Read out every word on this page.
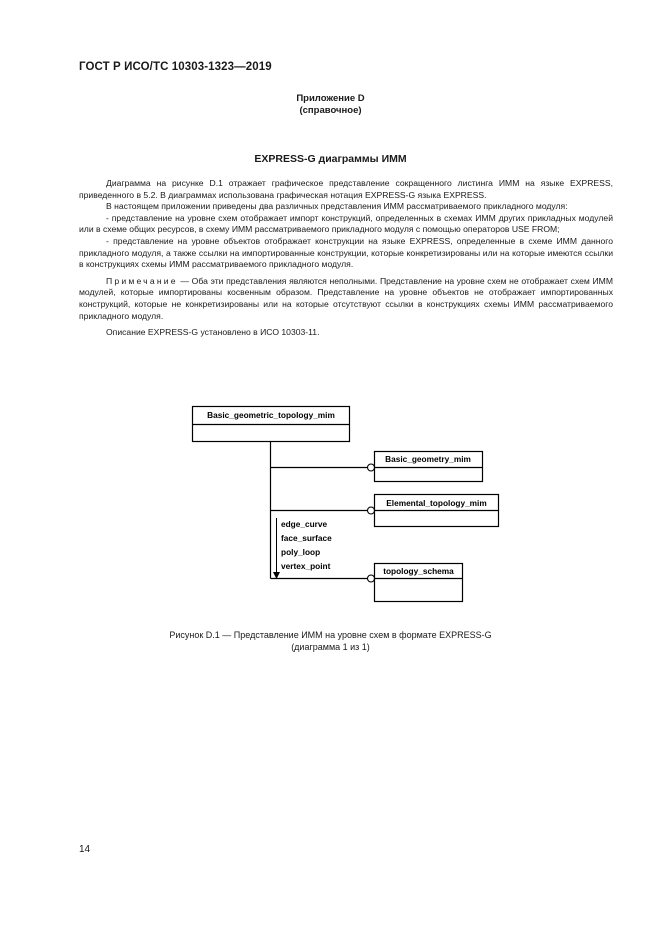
ГОСТ Р ИСО/ТС 10303-1323—2019
Приложение D
(справочное)
EXPRESS-G диаграммы ИММ

Диаграмма на рисунке D.1 отражает графическое представление сокращенного листинга ИММ на языке EXPRESS, приведенного в 5.2. В диаграммах использована графическая нотация EXPRESS-G языка EXPRESS.

В настоящем приложении приведены два различных представления ИММ рассматриваемого прикладного модуля:

- представление на уровне схем отображает импорт конструкций, определенных в схемах ИММ других прикладных модулей или в схеме общих ресурсов, в схему ИММ рассматриваемого прикладного модуля с помощью операторов USE FROM;

- представление на уровне объектов отображает конструкции на языке EXPRESS, определенные в схеме ИММ данного прикладного модуля, а также ссылки на импортированные конструкции, которые конкретизированы или на которые имеются ссылки в конструкциях схемы ИММ рассматриваемого прикладного модуля.

Примечание — Оба эти представления являются неполными. Представление на уровне схем не отображает схем ИММ модулей, которые импортированы косвенным образом. Представление на уровне объектов не отображает импортированных конструкций, которые не конкретизированы или на которые отсутствуют ссылки в конструкциях схемы ИММ рассматриваемого прикладного модуля.

Описание EXPRESS-G установлено в ИСО 10303-11.

Basic_geometric_topology_mim
Basic_geometry_mim
Elemental_topology_mim
topology_schema
edge_curve
face_surface
poly_loop
vertex_point
Рисунок D.1 — Представление ИММ на уровне схем в формате EXPRESS-G
(диаграмма 1 из 1)
14
